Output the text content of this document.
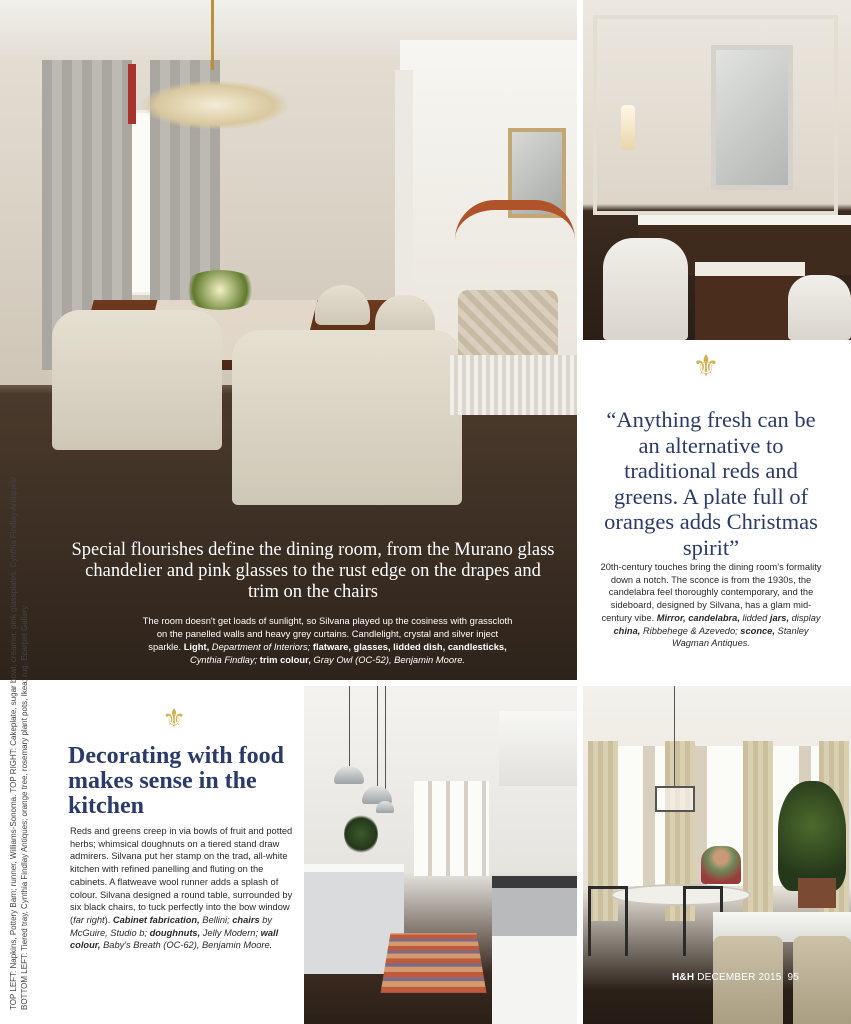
Special flourishes define the dining room, from the Murano glass chandelier and pink glasses to the rust edge on the drapes and trim on the chairs

The room doesn't get loads of sunlight, so Silvana played up the cosiness with grasscloth on the panelled walls and heavy grey curtains. Candlelight, crystal and silver inject sparkle. Light, Department of Interiors; flatware, glasses, lidded dish, candlesticks, Cynthia Findlay; trim colour, Gray Owl (OC-52), Benjamin Moore.

⚜

“Anything fresh can be an alternative to traditional reds and greens. A plate full of oranges adds Christmas spirit”

20th-century touches bring the dining room's formality down a notch. The sconce is from the 1930s, the candelabra feel thoroughly contemporary, and the sideboard, designed by Silvana, has a glam mid-century vibe. Mirror, candelabra, lidded jars, display china, Ribbehege & Azevedo; sconce, Stanley Wagman Antiques.

⚜
Decorating with food makes sense in the kitchen

Reds and greens creep in via bowls of fruit and potted herbs; whimsical doughnuts on a tiered stand draw admirers. Silvana put her stamp on the trad, all-white kitchen with refined panelling and fluting on the cabinets. A flatweave wool runner adds a splash of colour. Silvana designed a round table, surrounded by six black chairs, to tuck perfectly into the bow window (far right). Cabinet fabrication, Bellini; chairs by McGuire, Studio b; doughnuts, Jelly Modern; wall colour, Baby's Breath (OC-62), Benjamin Moore.

H&H DECEMBER 2015 95
TOP LEFT: Napkins, Pottery Barn; runner, Williams-Sonoma. TOP RIGHT: Cakeplate, sugar bowl, creamer, pink glassplates, Cynthia Findlay Antiques/ BOTTOM LEFT: Tiered tray, Cynthia Findlay Antiques; orange tree, rosemary plant pots, Ikea; rug, Ecarpet Gallery
